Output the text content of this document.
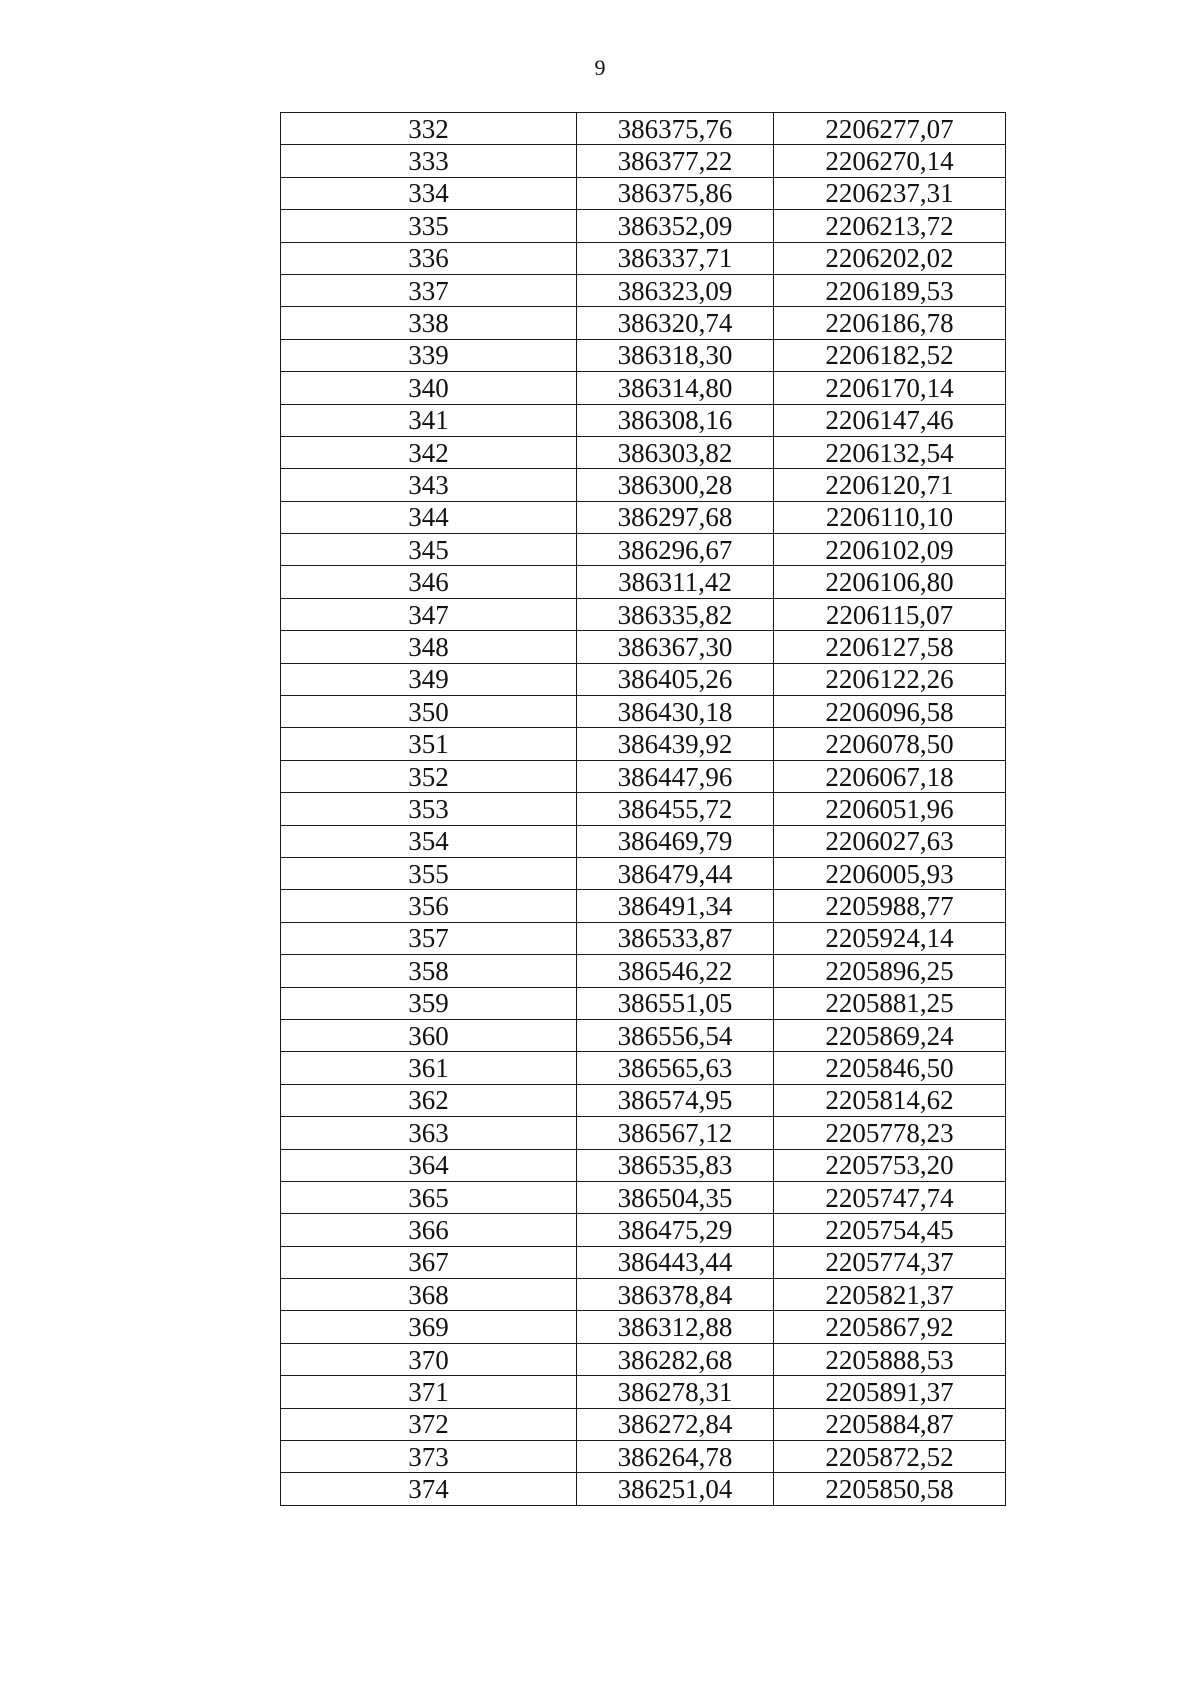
9
332	386375,76	2206277,07
333	386377,22	2206270,14
334	386375,86	2206237,31
335	386352,09	2206213,72
336	386337,71	2206202,02
337	386323,09	2206189,53
338	386320,74	2206186,78
339	386318,30	2206182,52
340	386314,80	2206170,14
341	386308,16	2206147,46
342	386303,82	2206132,54
343	386300,28	2206120,71
344	386297,68	2206110,10
345	386296,67	2206102,09
346	386311,42	2206106,80
347	386335,82	2206115,07
348	386367,30	2206127,58
349	386405,26	2206122,26
350	386430,18	2206096,58
351	386439,92	2206078,50
352	386447,96	2206067,18
353	386455,72	2206051,96
354	386469,79	2206027,63
355	386479,44	2206005,93
356	386491,34	2205988,77
357	386533,87	2205924,14
358	386546,22	2205896,25
359	386551,05	2205881,25
360	386556,54	2205869,24
361	386565,63	2205846,50
362	386574,95	2205814,62
363	386567,12	2205778,23
364	386535,83	2205753,20
365	386504,35	2205747,74
366	386475,29	2205754,45
367	386443,44	2205774,37
368	386378,84	2205821,37
369	386312,88	2205867,92
370	386282,68	2205888,53
371	386278,31	2205891,37
372	386272,84	2205884,87
373	386264,78	2205872,52
374	386251,04	2205850,58
